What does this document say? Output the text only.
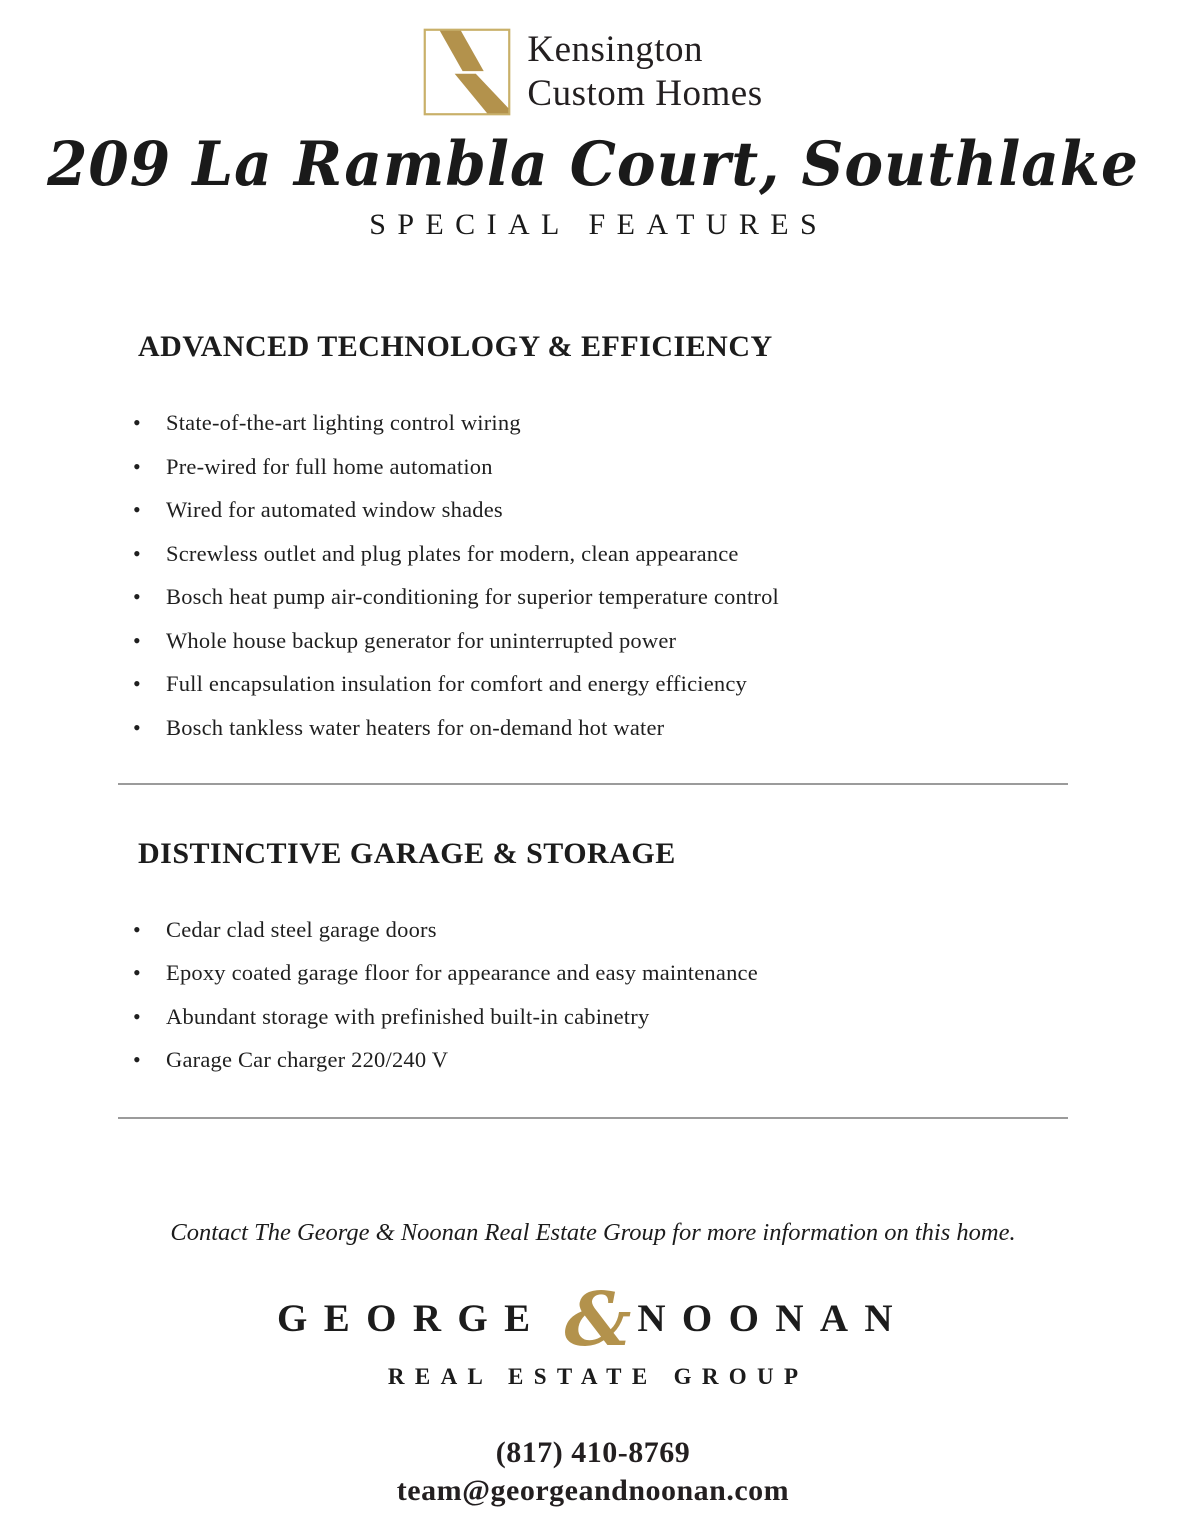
Kensington
Custom Homes
209 La Rambla Court, Southlake
SPECIAL FEATURES
ADVANCED TECHNOLOGY & EFFICIENCY
• State-of-the-art lighting control wiring
• Pre-wired for full home automation
• Wired for automated window shades
• Screwless outlet and plug plates for modern, clean appearance
• Bosch heat pump air-conditioning for superior temperature control
• Whole house backup generator for uninterrupted power
• Full encapsulation insulation for comfort and energy efficiency
• Bosch tankless water heaters for on-demand hot water
DISTINCTIVE GARAGE & STORAGE
• Cedar clad steel garage doors
• Epoxy coated garage floor for appearance and easy maintenance
• Abundant storage with prefinished built-in cabinetry
• Garage Car charger 220/240 V

Contact The George & Noonan Real Estate Group for more information on this home.

GEORGE & NOONAN
REAL ESTATE GROUP
(817) 410-8769
team@georgeandnoonan.com
